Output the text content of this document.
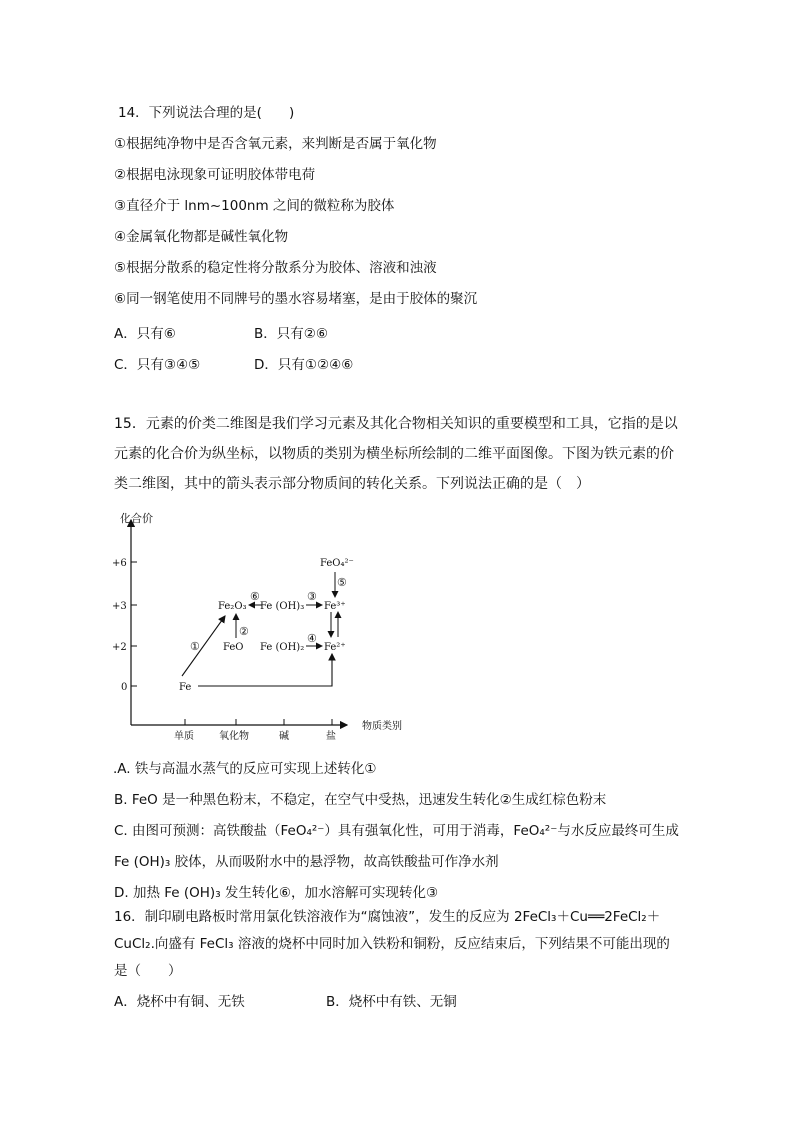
14．下列说法合理的是(　　)
①根据纯净物中是否含氧元素，来判断是否属于氧化物
②根据电泳现象可证明胶体带电荷
③直径介于 lnm~100nm 之间的微粒称为胶体
④金属氧化物都是碱性氧化物
⑤根据分散系的稳定性将分散系分为胶体、溶液和浊液
⑥同一钢笔使用不同牌号的墨水容易堵塞，是由于胶体的聚沉
A．只有⑥	B．只有②⑥
C．只有③④⑤	D．只有①②④⑥
15．元素的价类二维图是我们学习元素及其化合物相关知识的重要模型和工具，它指的是以
元素的化合价为纵坐标，以物质的类别为横坐标所绘制的二维平面图像。下图为铁元素的价
类二维图，其中的箭头表示部分物质间的转化关系。下列说法正确的是（　）
化合价
物质类别
+6
+3
+2
0
单质	氧化物	碱	盐
Fe
FeO
Fe₂O₃ Fe (OH)₃
Fe (OH)₂
Fe³⁺
Fe²⁺
FeO₄²⁻
①
②
③
④
⑤
⑥
.A. 铁与高温水蒸气的反应可实现上述转化①
B. FeO 是一种黑色粉末，不稳定，在空气中受热，迅速发生转化②生成红棕色粉末
C. 由图可预测：高铁酸盐（FeO₄²⁻）具有强氧化性，可用于消毒，FeO₄²⁻与水反应最终可生成
Fe (OH)₃ 胶体，从而吸附水中的悬浮物，故高铁酸盐可作净水剂
D. 加热 Fe (OH)₃ 发生转化⑥，加水溶解可实现转化③
16．制印刷电路板时常用氯化铁溶液作为“腐蚀液”，发生的反应为 2FeCl₃＋Cu══2FeCl₂＋
CuCl₂.向盛有 FeCl₃ 溶液的烧杯中同时加入铁粉和铜粉，反应结束后，下列结果不可能出现的
是（　　）
A．烧杯中有铜、无铁	B．烧杯中有铁、无铜
